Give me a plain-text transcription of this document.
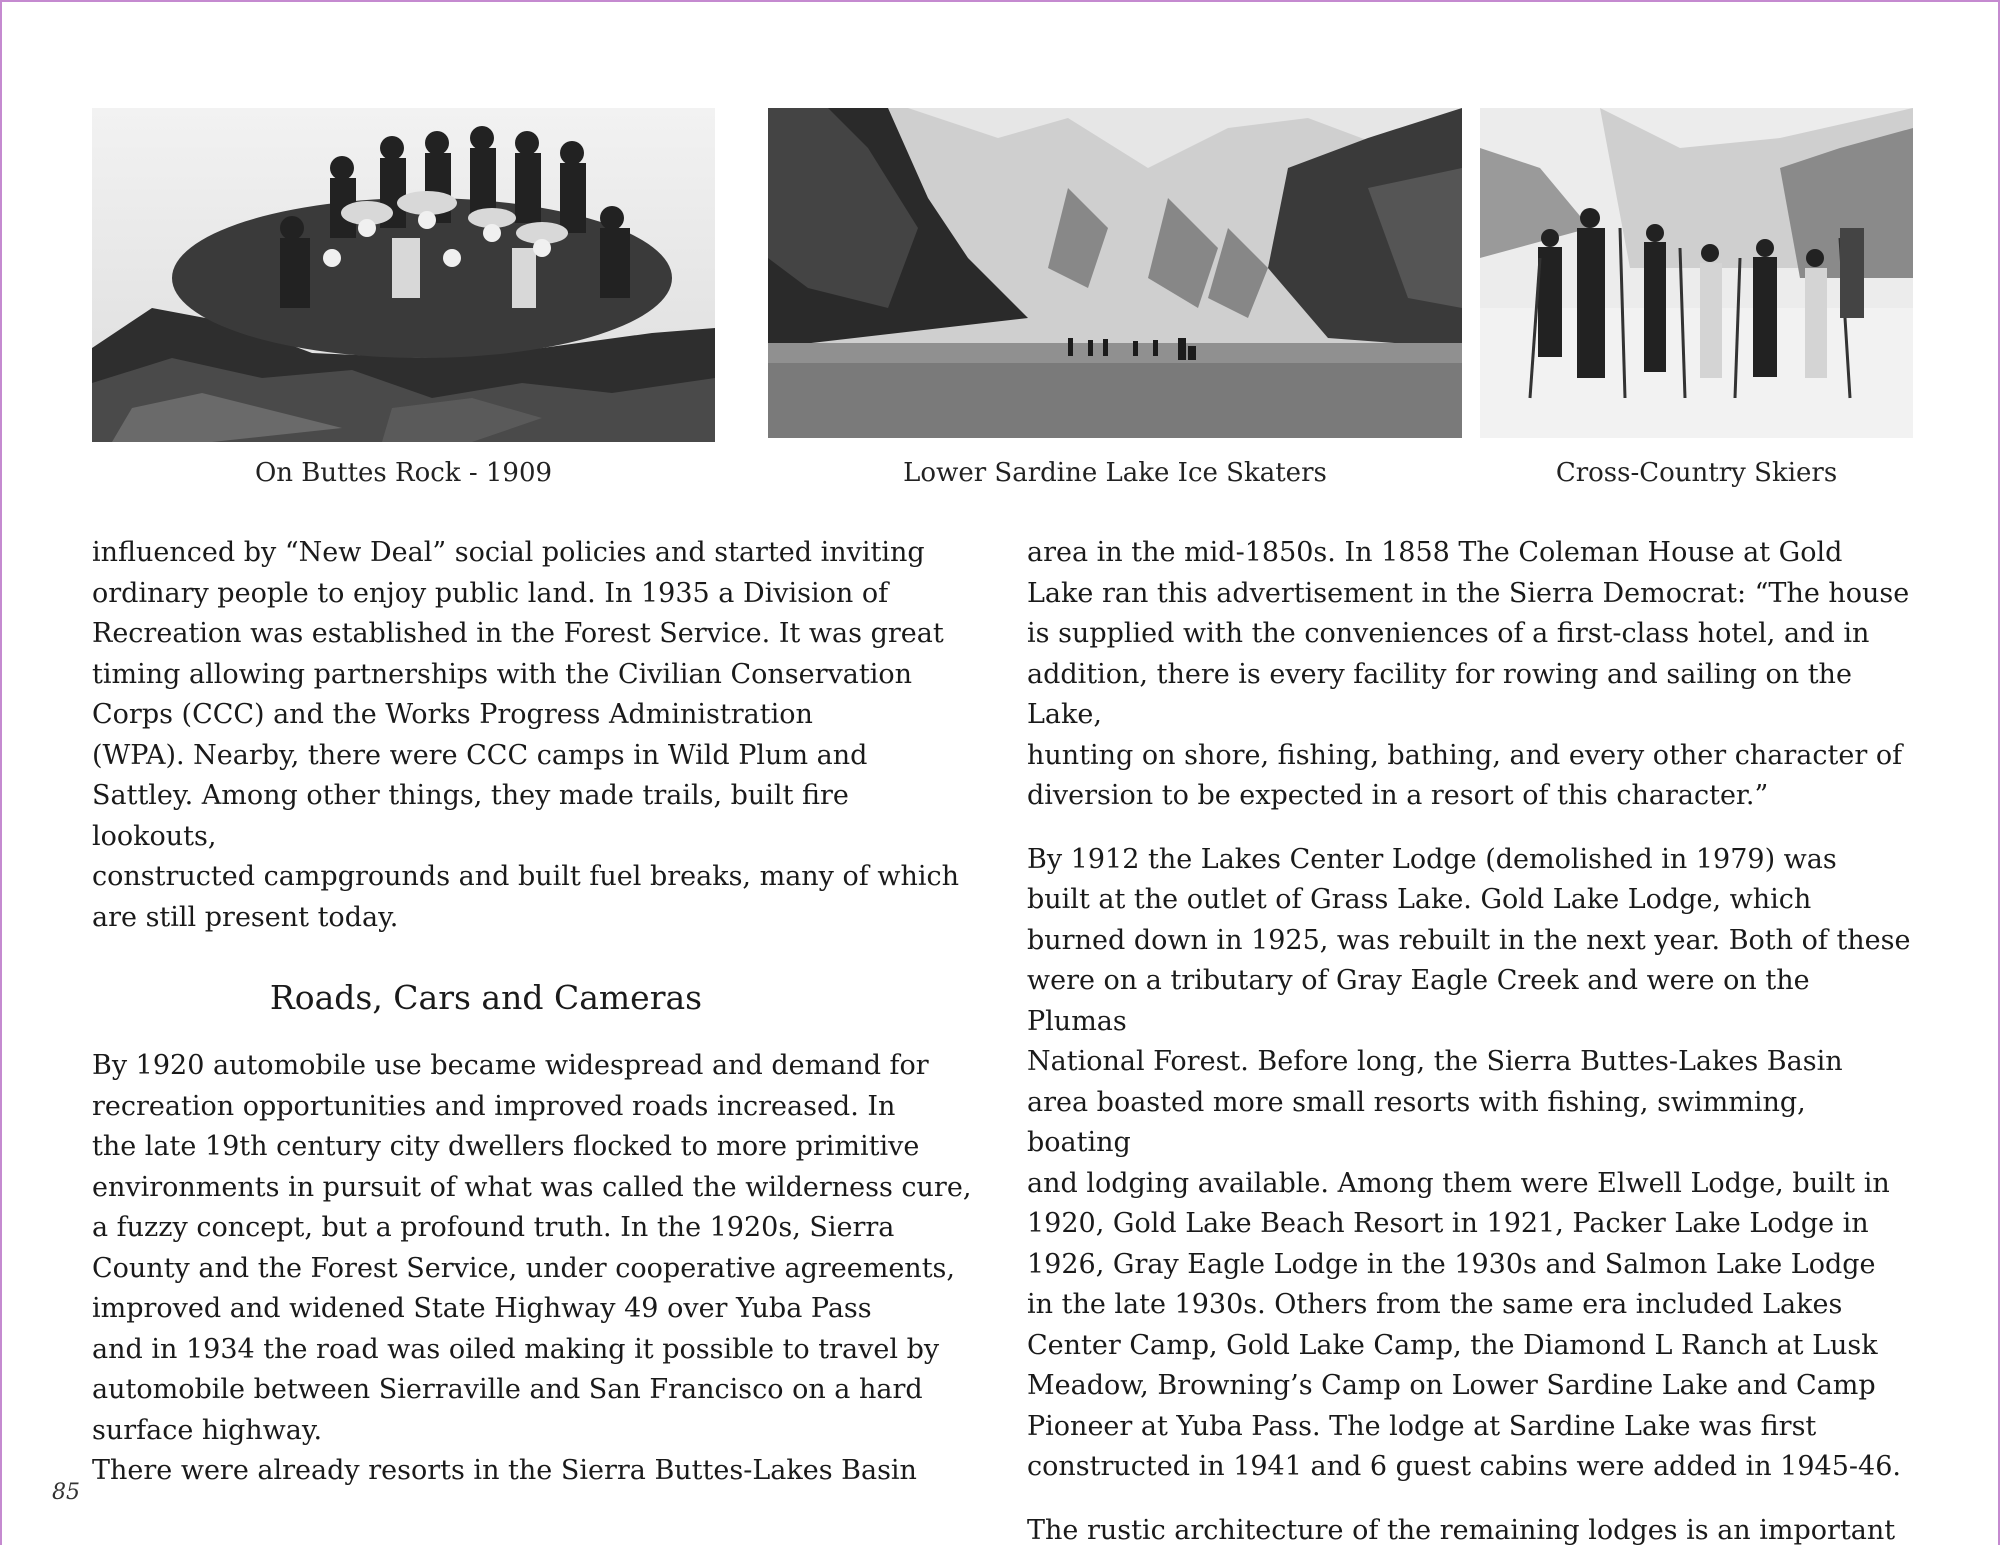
On Buttes Rock - 1909	Lower Sardine Lake Ice Skaters	Cross-Country Skiers

influenced by “New Deal” social policies and started inviting
ordinary people to enjoy public land. In 1935 a Division of
Recreation was established in the Forest Service. It was great
timing allowing partnerships with the Civilian Conservation
Corps (CCC) and the Works Progress Administration
(WPA). Nearby, there were CCC camps in Wild Plum and
Sattley. Among other things, they made trails, built fire lookouts,
constructed campgrounds and built fuel breaks, many of which
are still present today.

Roads, Cars and Cameras

By 1920 automobile use became widespread and demand for
recreation opportunities and improved roads increased. In
the late 19th century city dwellers flocked to more primitive
environments in pursuit of what was called the wilderness cure,
a fuzzy concept, but a profound truth. In the 1920s, Sierra
County and the Forest Service, under cooperative agreements,
improved and widened State Highway 49 over Yuba Pass
and in 1934 the road was oiled making it possible to travel by
automobile between Sierraville and San Francisco on a hard
surface highway.
There were already resorts in the Sierra Buttes-Lakes Basin

area in the mid-1850s. In 1858 The Coleman House at Gold
Lake ran this advertisement in the Sierra Democrat: “The house
is supplied with the conveniences of a first-class hotel, and in
addition, there is every facility for rowing and sailing on the Lake,
hunting on shore, fishing, bathing, and every other character of
diversion to be expected in a resort of this character.”

By 1912 the Lakes Center Lodge (demolished in 1979) was
built at the outlet of Grass Lake. Gold Lake Lodge, which
burned down in 1925, was rebuilt in the next year. Both of these
were on a tributary of Gray Eagle Creek and were on the Plumas
National Forest. Before long, the Sierra Buttes-Lakes Basin
area boasted more small resorts with fishing, swimming, boating
and lodging available. Among them were Elwell Lodge, built in
1920, Gold Lake Beach Resort in 1921, Packer Lake Lodge in
1926, Gray Eagle Lodge in the 1930s and Salmon Lake Lodge
in the late 1930s. Others from the same era included Lakes
Center Camp, Gold Lake Camp, the Diamond L Ranch at Lusk
Meadow, Browning’s Camp on Lower Sardine Lake and Camp
Pioneer at Yuba Pass. The lodge at Sardine Lake was first
constructed in 1941 and 6 guest cabins were added in 1945-46.

The rustic architecture of the remaining lodges is an important

85
